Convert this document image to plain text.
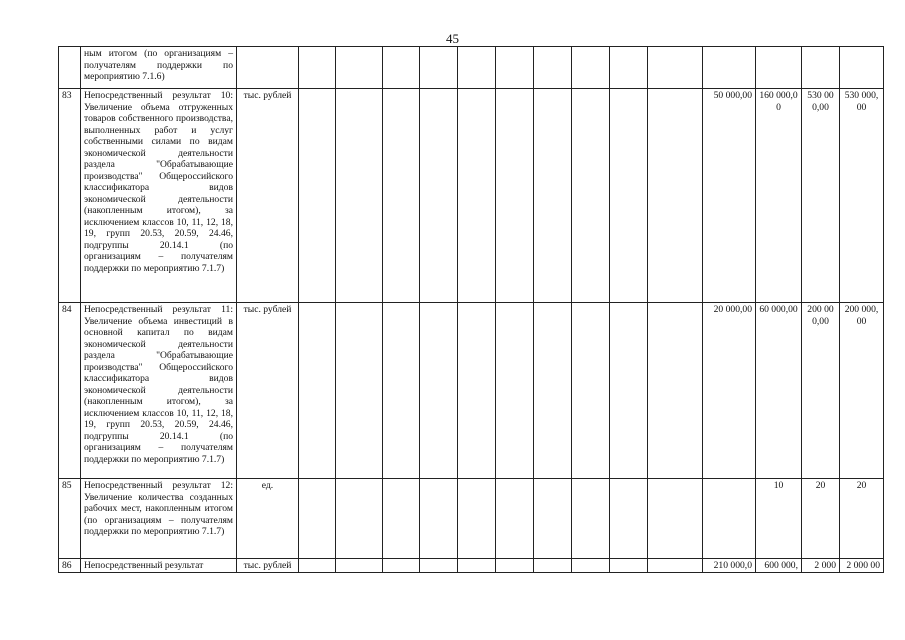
45
	ным итогом (по организациям – получателям поддержки по мероприятию 7.1.6)															
83	Непосредственный результат 10: Увеличение объема отгруженных товаров собственного производства, выполненных работ и услуг собственными силами по видам экономической деятельности раздела "Обрабатывающие производства" Общероссийского классификатора видов экономической деятельности (накопленным итогом), за исключением классов 10, 11, 12, 18, 19, групп 20.53, 20.59, 24.46, подгруппы 20.14.1 (по организациям – получателям поддержки по мероприятию 7.1.7)	тыс. рублей											50 000,00	160 000,00	530 000,00	530 000,00
84	Непосредственный результат 11: Увеличение объема инвестиций в основной капитал по видам экономической деятельности раздела "Обрабатывающие производства" Общероссийского классификатора видов экономической деятельности (накопленным итогом), за исключением классов 10, 11, 12, 18, 19, групп 20.53, 20.59, 24.46, подгруппы 20.14.1 (по организациям – получателям поддержки по мероприятию 7.1.7)	тыс. рублей											20 000,00	60 000,00	200 000,00	200 000,00
85	Непосредственный результат 12: Увеличение количества созданных рабочих мест, накопленным итогом (по организациям – получателям поддержки по мероприятию 7.1.7)	ед.												10	20	20
86	Непосредственный результат	тыс. рублей											210 000,0	600 000,	2 000	2 000 00
